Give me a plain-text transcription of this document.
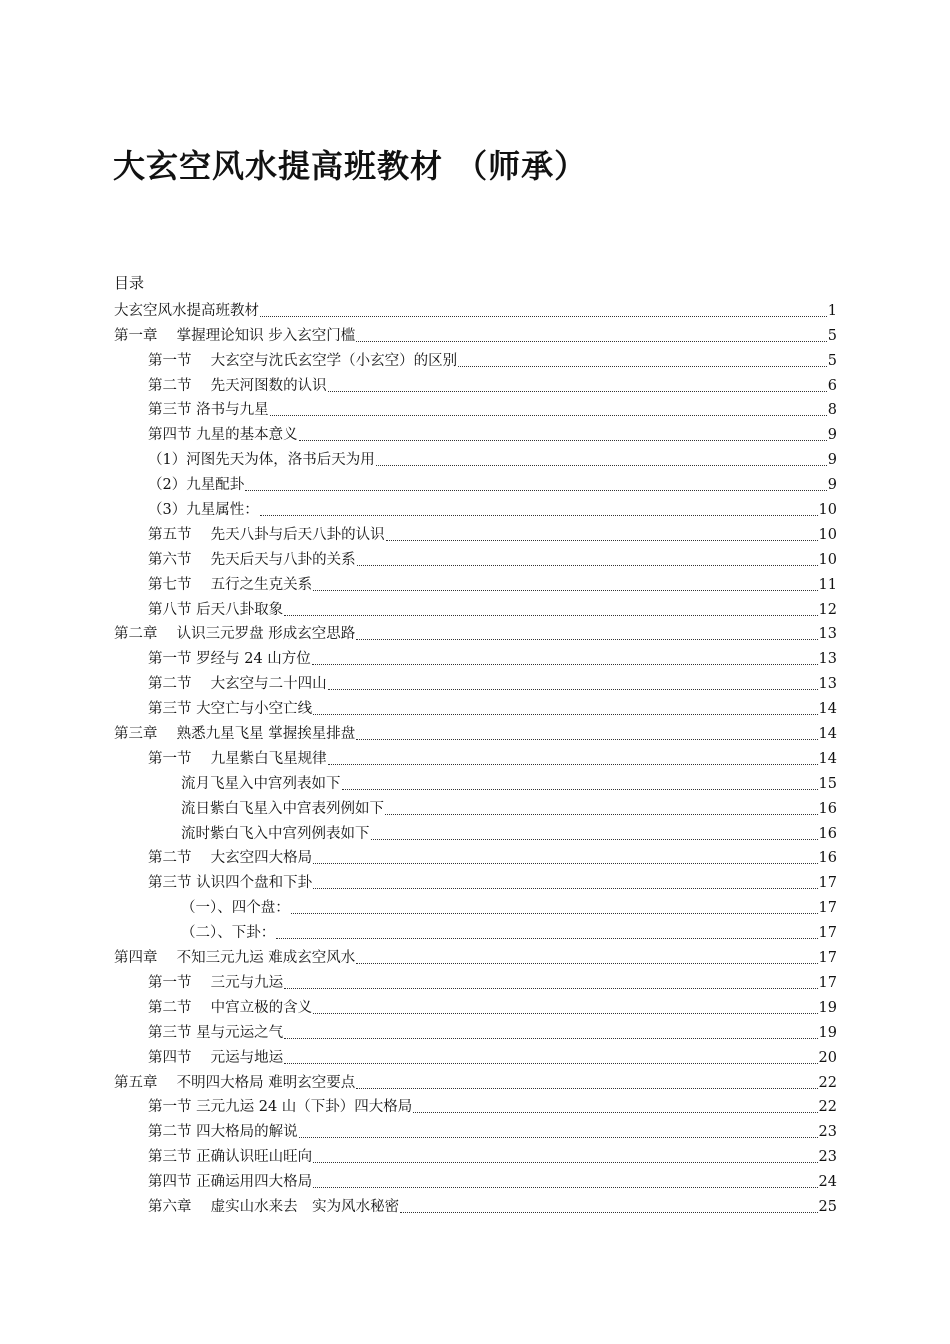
大玄空风水提高班教材 （师承）
目录
大玄空风水提高班教材	1
第一章　 掌握理论知识 步入玄空门槛	5
第一节　 大玄空与沈氏玄空学（小玄空）的区别	5
第二节　 先天河图数的认识	6
第三节 洛书与九星	8
第四节 九星的基本意义	9
（1）河图先天为体，洛书后天为用	9
（2）九星配卦	9
（3）九星属性：	10
第五节　 先天八卦与后天八卦的认识	10
第六节　 先天后天与八卦的关系	10
第七节　 五行之生克关系	11
第八节 后天八卦取象	12
第二章　 认识三元罗盘 形成玄空思路	13
第一节 罗经与 24 山方位	13
第二节　 大玄空与二十四山	13
第三节 大空亡与小空亡线	14
第三章　 熟悉九星飞星 掌握挨星排盘	14
第一节　 九星紫白飞星规律	14
流月飞星入中宫列表如下	15
流日紫白飞星入中宫表列例如下	16
流时紫白飞入中宫列例表如下	16
第二节　 大玄空四大格局	16
第三节 认识四个盘和下卦	17
（一）、四个盘：	17
（二）、下卦：	17
第四章　 不知三元九运 难成玄空风水	17
第一节　 三元与九运	17
第二节　 中宫立极的含义	19
第三节 星与元运之气	19
第四节　 元运与地运	20
第五章　 不明四大格局 难明玄空要点	22
第一节 三元九运 24 山（下卦）四大格局	22
第二节 四大格局的解说	23
第三节 正确认识旺山旺向	23
第四节 正确运用四大格局	24
第六章　 虚实山水来去　实为风水秘密	25
